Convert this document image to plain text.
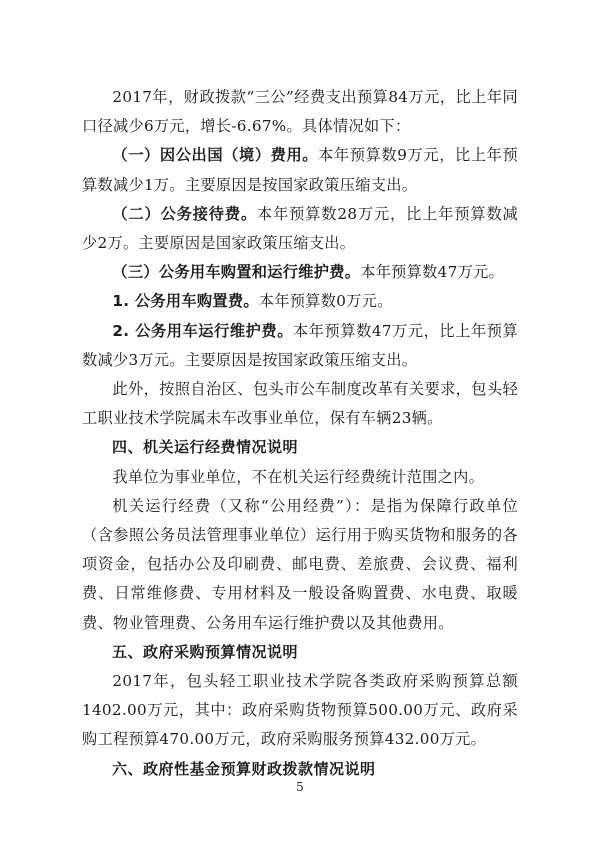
2017年，财政拨款“三公”经费支出预算84万元，比上年同口径减少6万元，增长-6.67%。具体情况如下：

（一）因公出国（境）费用。本年预算数9万元，比上年预算数减少1万。主要原因是按国家政策压缩支出。

（二）公务接待费。本年预算数28万元，比上年预算数减少2万。主要原因是国家政策压缩支出。

（三）公务用车购置和运行维护费。本年预算数47万元。

1. 公务用车购置费。本年预算数0万元。

2. 公务用车运行维护费。本年预算数47万元，比上年预算数减少3万元。主要原因是按国家政策压缩支出。

此外，按照自治区、包头市公车制度改革有关要求，包头轻工职业技术学院属未车改事业单位，保有车辆23辆。

四、机关运行经费情况说明

我单位为事业单位，不在机关运行经费统计范围之内。

机关运行经费（又称“公用经费”）：是指为保障行政单位（含参照公务员法管理事业单位）运行用于购买货物和服务的各项资金，包括办公及印刷费、邮电费、差旅费、会议费、福利费、日常维修费、专用材料及一般设备购置费、水电费、取暖费、物业管理费、公务用车运行维护费以及其他费用。

五、政府采购预算情况说明

2017年，包头轻工职业技术学院各类政府采购预算总额1402.00万元，其中：政府采购货物预算500.00万元、政府采购工程预算470.00万元，政府采购服务预算432.00万元。

六、政府性基金预算财政拨款情况说明

5
